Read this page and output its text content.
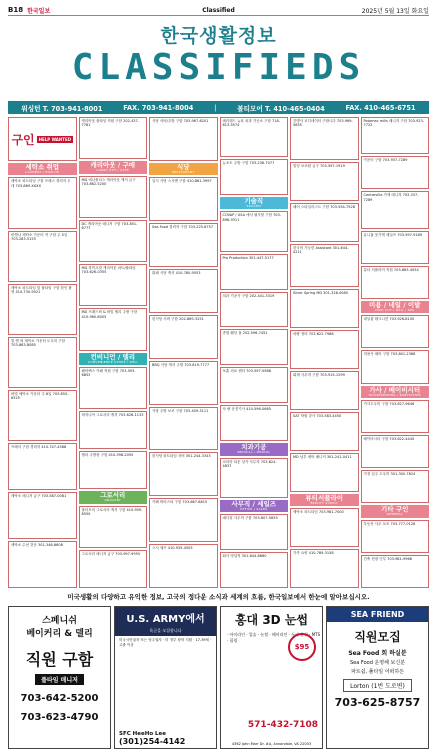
B18 한국일보	Classified	2025년 5월 13일 화요일
한국생활정보
CLASSIFIEDS
워싱턴 T. 703-941-8001	FAX. 703-941-8004	|	볼티모어 T. 410-465-0404	FAX. 410-465-6751
구인	HELP WANTED
세탁소 취업
LAUNDRY / PICK-UP
세탁소 파트타임 구함 프레스 경력자 우대 703-869-XXXX
비엔나 세탁소 카운터 직 구함 주 5일 703-283-5155
세탁소 파트타임 및 풀타임 구함 한인 환영 410-730-9021
빌 엔 락 세탁소 카운터 도우미 구함 703-863-8085
락빌 세탁소 카운터 주 6일 703-855-6525
프레서 구함 경력자 410-747-4588
세탁소 매니저 급구 703-587-0081
세탁소 수선 전문 301-346-6608
캐리아웃 풀타임 직원 구함 202-437-7781
캐리아웃 / 구매
CARRY OUT / CAFE
MD 애나폴리스 캐리아웃 캐셔 급구 703-862-5200
DC 캐리아웃 매니저 구함 703-851-6777
MD 하이츠빌 캐리아웃 파트/풀타임 703-626-0355
MD 프레드릭 & 락빌 델리 주방 구함 410-960-8005
컨비니언 / 델리
CONVENIENCE STORE / DELI
페어팩스 카페 직원 구함 703-593-6853
버지니아 그로서리 캐셔 703-626-1133
델리 주방장 구함 410-598-2055
그로서리
GROCERY
볼티모어 그로서리 캐셔 구함 410-959-8550
그로서리 매니저 급구 703-997-9955
식당 서버/주방 구함 703-967-6201
식당
RESTAURANT
일식 식당 스시맨 구함 410-861-3997
Sea Food 경력자 구함 703-225-8757
뷔페 식당 캐셔 410-780-9553
한식당 서버 구함 202-869-3251
BBQ 식당 캐셔 주방 703-819-7777
식당 주방 보조 구함 703-409-3111
한식당 파트타임 서버 301-244-3343
카페 바리스타 구함 703-667-8815
스시 셰프 410-935-4505
메리랜드 뉴욕 치과 기공소 구함 718-813-5574
뉴포트 주방 구함 703-236-7077
기술직
SKILLED
COVAP / USA 에서 필사를 구함 703-896-9311
Pro Production 301-447-5177
치과 기공사 구함 202-441-3319
종합 웨딩 숍 202-596-7451
보훈 의료 센터 703-597-0988
차 량 운전기사 410-596-0665
치과기공
MEDICAL / DENTAL
코리아 타운 상가 사무직 703-624-4837
사무직 / 세일즈
OFFICE / SALES
메디컬 사무직 구함 703-607-5855
회사 영업직 301-644-8660
간병사 코디네이터 구합니다 703-969-5655
빌딩 보조원 급구 703-597-1919
헤어 스타일리스트 구함 703-554-7528
한국어 가능한 Assistant 301-644-4211
Silver Spring MD 301-326-0080
차량 정비 703-622-7988
회계 사무직 구함 703-915-1299
SAT 학원 강사 703-583-4450
MD 남부 세탁 매니저 301-241-0411
뷰티서플라이
BEAUTY SUPPLY
세탁소 파트타임 703-981-7000
가족 요양 410-789-3158
Potomac mills 매니저 구함 703-923-7722
카운터 구함 703-937-7289
Centreville 가게 매니저 703-337-7289
유니폼 옷가게 세일즈 703-597-9169
뷰티 서플라이 직원 703-863-4554
미용 / 네일 / 이발
HAIR CUT / NAIL / SPA
네일샵 테크니션 703-926-8100
미용사 헤어 구함 703-801-2388
가사 / 베이비시터
HOUSEKEEPING / BABYSITTER
가사도우미 구함 703-627-9646
베이비시터 구함 703-622-4445
가정 입주 도우미 301-300-7824
기타 구인
GENERAL
부동산 사무 보조 703-777-0128
건축 현장 인부 703-981-9966
미국생활의 다양하고 유익한 정보, 고국의 정다운 소식과 세계의 흐름, 한국일보에서 한눈에 알아보십시오.
스페니쉬
베이커리 & 델리
직원 구함
풀타임 매니저
703-642-5200
703-623-4790
U.S. ARMY에서
육군을 모집합니다
미국시민권자 또는 영주권자 · 미 정부 장학 지원 · 17-39세 · 고졸 이상
SFC HeeHo Lee
(301)254-4142
홍대 3D 눈썹
$95
· 아이라인 · 입술 · 눈썹 · 헤어라인 · 두피 문신 · MTS · 필링
571-432-7108
4362 John Marr Dr. #A, Annandale, VA 22003
SEA FRIEND
직원모집
Sea Food 회 하실분
Sea Food 운영해 보신분
파트쉽, 풀타임 어떠하든
Lorton (1번 도로변)
703-625-8757
